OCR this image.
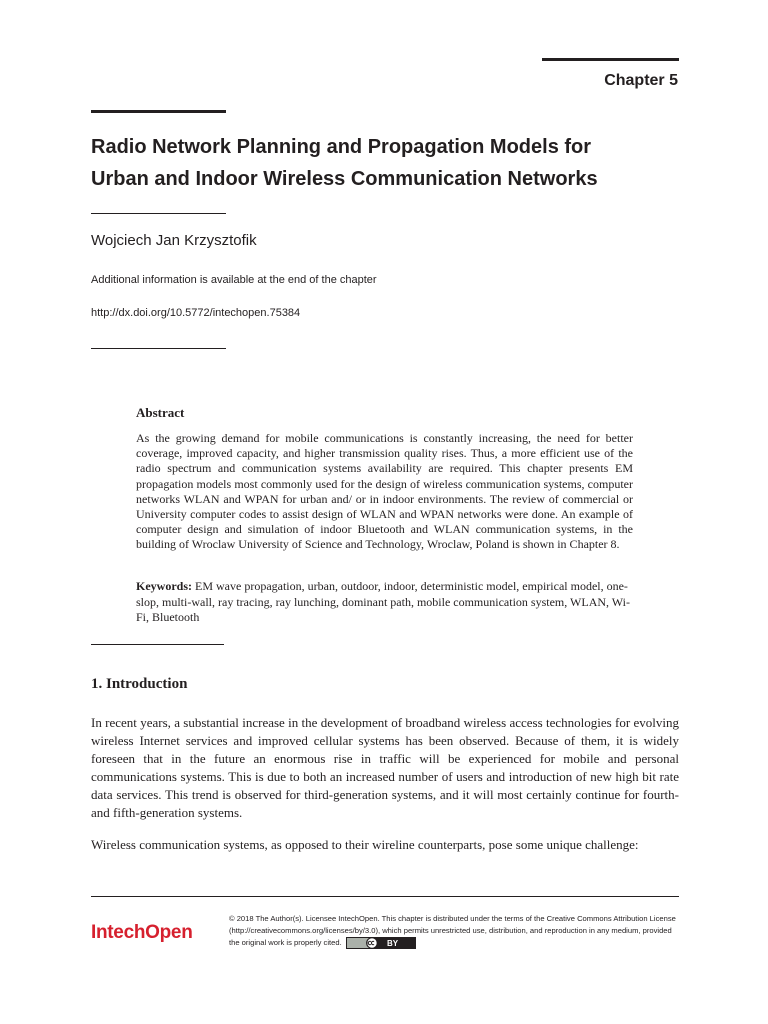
Chapter 5
Radio Network Planning and Propagation Models for
Urban and Indoor Wireless Communication Networks
Wojciech Jan Krzysztofik
Additional information is available at the end of the chapter
http://dx.doi.org/10.5772/intechopen.75384
Abstract

As the growing demand for mobile communications is constantly increasing, the need for better coverage, improved capacity, and higher transmission quality rises. Thus, a more efficient use of the radio spectrum and communication systems availability are required. This chapter presents EM propagation models most commonly used for the design of wireless communication systems, computer networks WLAN and WPAN for urban and/ or in indoor environments. The review of commercial or University computer codes to assist design of WLAN and WPAN networks were done. An example of computer design and simulation of indoor Bluetooth and WLAN communication systems, in the building of Wroclaw University of Science and Technology, Wroclaw, Poland is shown in Chapter 8.

Keywords: EM wave propagation, urban, outdoor, indoor, deterministic model, empirical model, one-slop, multi-wall, ray tracing, ray lunching, dominant path, mobile communication system, WLAN, Wi-Fi, Bluetooth

1. Introduction

In recent years, a substantial increase in the development of broadband wireless access technologies for evolving wireless Internet services and improved cellular systems has been observed. Because of them, it is widely foreseen that in the future an enormous rise in traffic will be experienced for mobile and personal communications systems. This is due to both an increased number of users and introduction of new high bit rate data services. This trend is observed for third-generation systems, and it will most certainly continue for fourth- and fifth-generation systems.

Wireless communication systems, as opposed to their wireline counterparts, pose some unique challenge:

IntechOpen

© 2018 The Author(s). Licensee IntechOpen. This chapter is distributed under the terms of the Creative Commons Attribution License (http://creativecommons.org/licenses/by/3.0), which permits unrestricted use, distribution, and reproduction in any medium, provided the original work is properly cited.	BY
